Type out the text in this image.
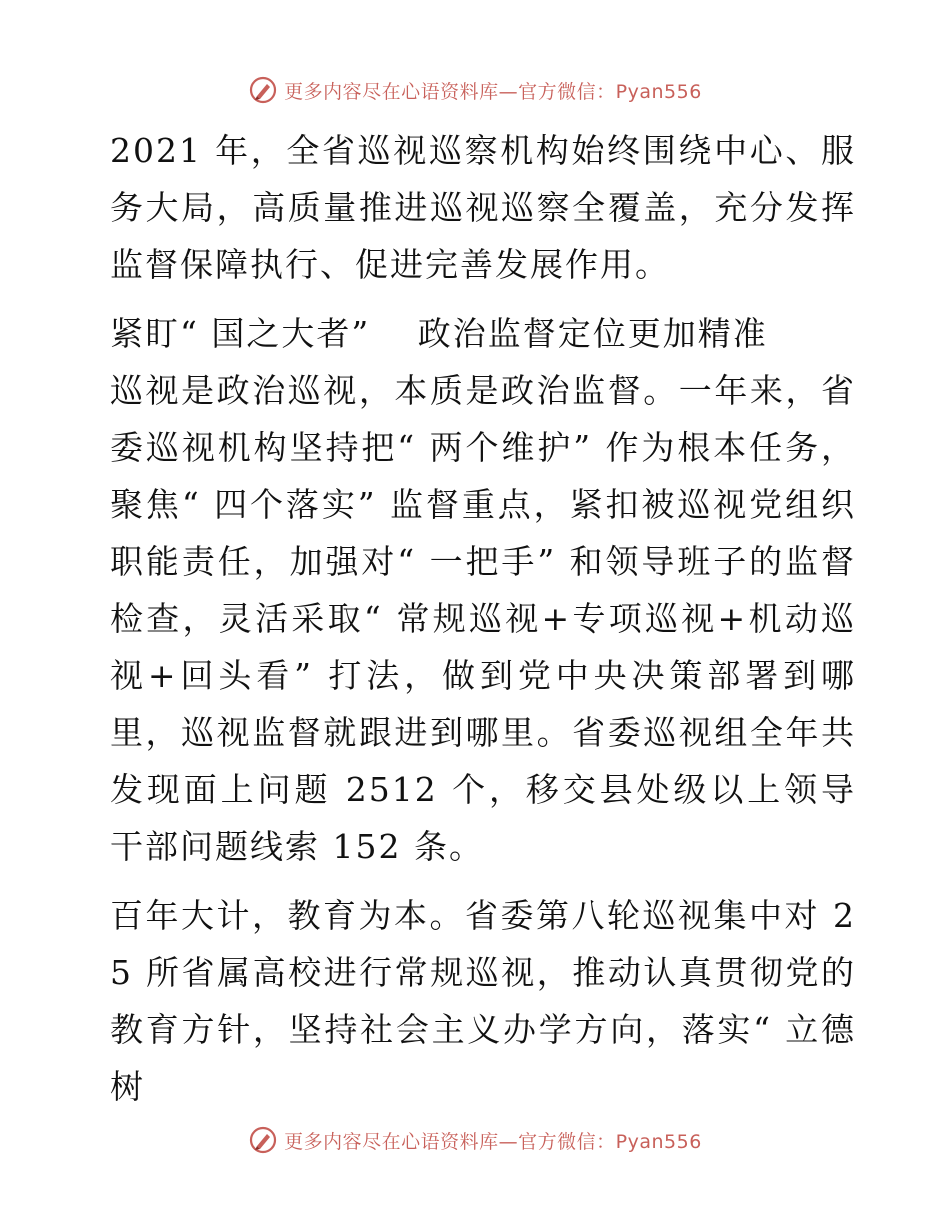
更多内容尽在心语资料库—官方微信：Pyan556

2021 年，全省巡视巡察机构始终围绕中心、服务大局，高质量推进巡视巡察全覆盖，充分发挥监督保障执行、促进完善发展作用。

紧盯“ 国之大者”　 政治监督定位更加精准

巡视是政治巡视，本质是政治监督。一年来，省委巡视机构坚持把“ 两个维护” 作为根本任务，聚焦“ 四个落实” 监督重点，紧扣被巡视党组织职能责任，加强对“ 一把手” 和领导班子的监督检查，灵活采取“ 常规巡视+专项巡视+机动巡视+回头看” 打法，做到党中央决策部署到哪里，巡视监督就跟进到哪里。省委巡视组全年共发现面上问题 2512 个，移交县处级以上领导干部问题线索 152 条。

百年大计，教育为本。省委第八轮巡视集中对 25 所省属高校进行常规巡视，推动认真贯彻党的教育方针，坚持社会主义办学方向，落实“ 立德树

更多内容尽在心语资料库—官方微信：Pyan556
